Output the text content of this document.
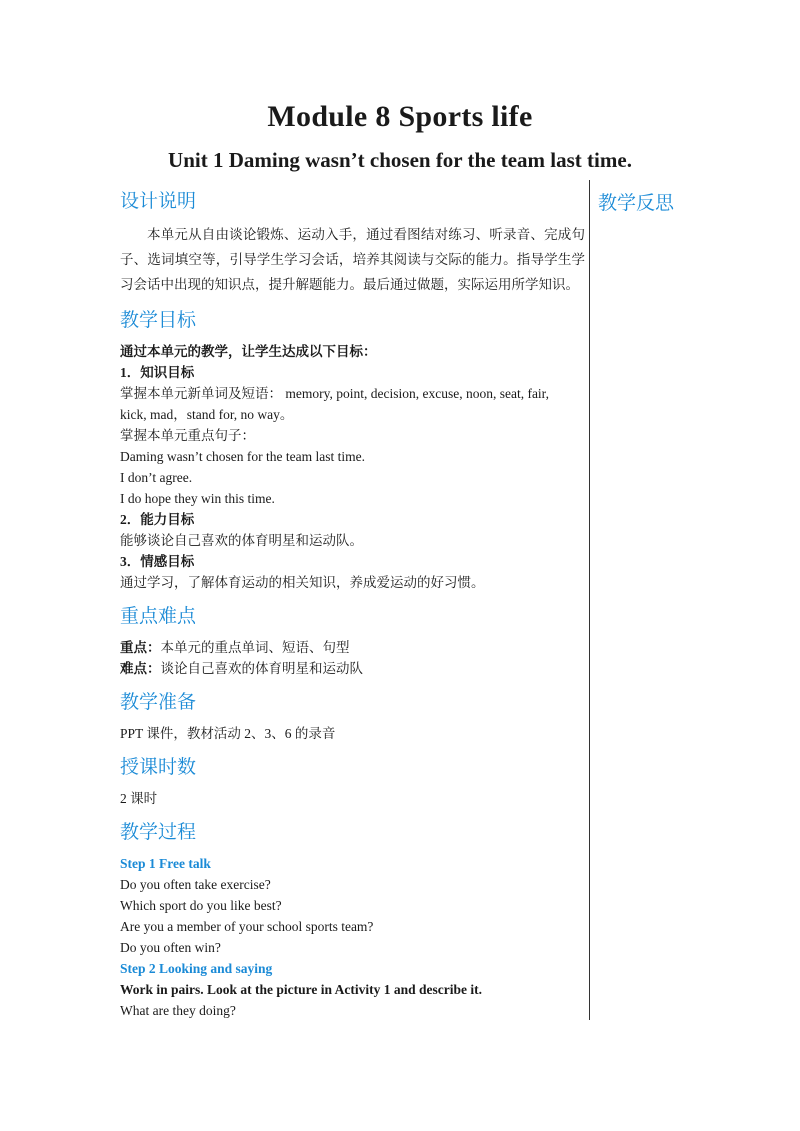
Module 8 Sports life
Unit 1 Daming wasn’t chosen for the team last time.

教学反思

设计说明

本单元从自由谈论锻炼、运动入手，通过看图结对练习、听录音、完成句子、选词填空等，引导学生学习会话，培养其阅读与交际的能力。指导学生学习会话中出现的知识点，提升解题能力。最后通过做题，实际运用所学知识。

教学目标

通过本单元的教学，让学生达成以下目标：

1．知识目标

掌握本单元新单词及短语： memory, point, decision, excuse, noon, seat, fair,

kick, mad，stand for, no way。

掌握本单元重点句子：

Daming wasn’t chosen for the team last time.

I don’t agree.

I do hope they win this time.

2．能力目标

能够谈论自己喜欢的体育明星和运动队。

3．情感目标

通过学习，了解体育运动的相关知识，养成爱运动的好习惯。

重点难点

重点：本单元的重点单词、短语、句型

难点：谈论自己喜欢的体育明星和运动队

教学准备

PPT 课件，教材活动 2、3、6 的录音

授课时数

2 课时

教学过程

Step 1 Free talk

Do you often take exercise?

Which sport do you like best?

Are you a member of your school sports team?

Do you often win?

Step 2 Looking and saying

Work in pairs. Look at the picture in Activity 1 and describe it.

What are they doing?
